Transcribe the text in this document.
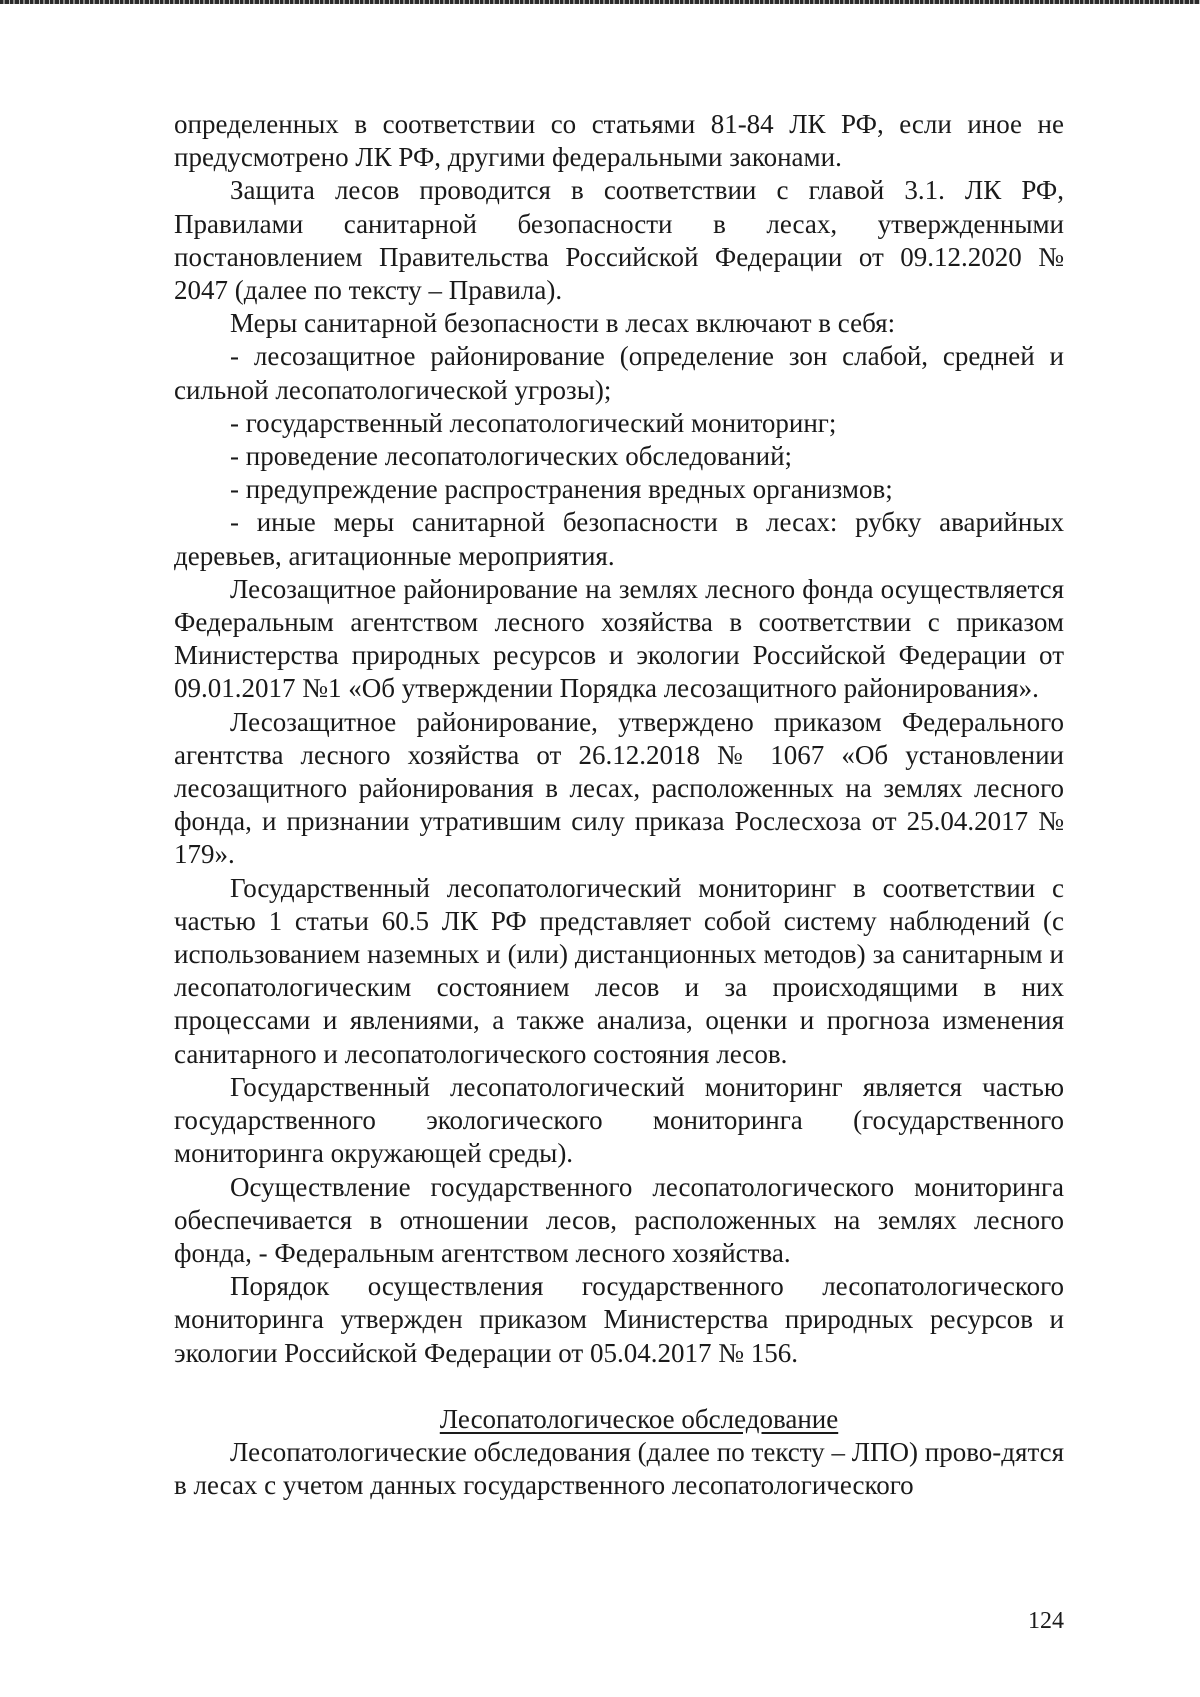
определенных в соответствии со статьями 81-84 ЛК РФ, если иное не предусмотрено ЛК РФ, другими федеральными законами.

Защита лесов проводится в соответствии с главой 3.1. ЛК РФ, Правилами санитарной безопасности в лесах, утвержденными постановлением Правительства Российской Федерации от 09.12.2020 № 2047 (далее по тексту – Правила).

Меры санитарной безопасности в лесах включают в себя:

- лесозащитное районирование (определение зон слабой, средней и сильной лесопатологической угрозы);

- государственный лесопатологический мониторинг;

- проведение лесопатологических обследований;

- предупреждение распространения вредных организмов;

- иные меры санитарной безопасности в лесах: рубку аварийных деревьев, агитационные мероприятия.

Лесозащитное районирование на землях лесного фонда осуществляется Федеральным агентством лесного хозяйства в соответствии с приказом Министерства природных ресурсов и экологии Российской Федерации от 09.01.2017 №1 «Об утверждении Порядка лесозащитного районирования».

Лесозащитное районирование, утверждено приказом Федерального агентства лесного хозяйства от 26.12.2018 № 1067 «Об установлении лесозащитного районирования в лесах, расположенных на землях лесного фонда, и признании утратившим силу приказа Рослесхоза от 25.04.2017 № 179».

Государственный лесопатологический мониторинг в соответствии с частью 1 статьи 60.5 ЛК РФ представляет собой систему наблюдений (с использованием наземных и (или) дистанционных методов) за санитарным и лесопатологическим состоянием лесов и за происходящими в них процессами и явлениями, а также анализа, оценки и прогноза изменения санитарного и лесопатологического состояния лесов.

Государственный лесопатологический мониторинг является частью государственного экологического мониторинга (государственного мониторинга окружающей среды).

Осуществление государственного лесопатологического мониторинга обеспечивается в отношении лесов, расположенных на землях лесного фонда, - Федеральным агентством лесного хозяйства.

Порядок осуществления государственного лесопатологического мониторинга утвержден приказом Министерства природных ресурсов и экологии Российской Федерации от 05.04.2017 № 156.

Лесопатологическое обследование

Лесопатологические обследования (далее по тексту – ЛПО) прово-дятся в лесах с учетом данных государственного лесопатологического

124
